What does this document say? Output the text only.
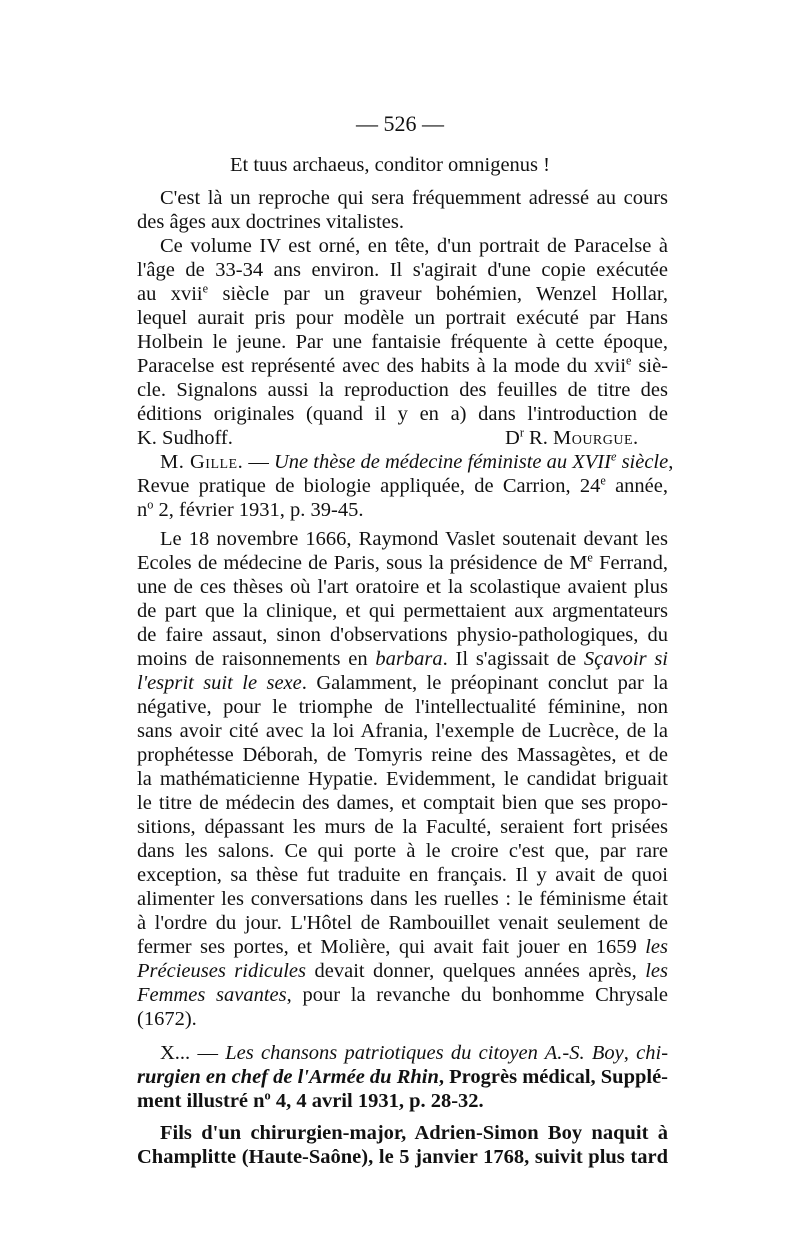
— 526 —
Et tuus archaeus, conditor omnigenus !
C'est là un reproche qui sera fréquemment adressé au cours
des âges aux doctrines vitalistes.
Ce volume IV est orné, en tête, d'un portrait de Paracelse à
l'âge de 33-34 ans environ. Il s'agirait d'une copie exécutée
au xvii$^e$ siècle par un graveur bohémien, Wenzel Hollar,
lequel aurait pris pour modèle un portrait exécuté par Hans
Holbein le jeune. Par une fantaisie fréquente à cette époque,
Paracelse est représenté avec des habits à la mode du xvii$^e$ siè-
cle. Signalons aussi la reproduction des feuilles de titre des
éditions originales (quand il y en a) dans l'introduction de
K. Sudhoff.	$D^r$ R. Mourgue.
M. Gille. — Une thèse de médecine féministe au XVIIe siècle,
Revue pratique de biologie appliquée, de Carrion, 24e année,
$n^o$ 2, février 1931, p. 39-45.
Le 18 novembre 1666, Raymond Vaslet soutenait devant les
Ecoles de médecine de Paris, sous la présidence de Me Ferrand,
une de ces thèses où l'art oratoire et la scolastique avaient plus
de part que la clinique, et qui permettaient aux argmentateurs
de faire assaut, sinon d'observations physio-pathologiques, du
moins de raisonnements en barbara. Il s'agissait de Sçavoir si
l'esprit suit le sexe. Galamment, le préopinant conclut par la
négative, pour le triomphe de l'intellectualité féminine, non
sans avoir cité avec la loi Afrania, l'exemple de Lucrèce, de la
prophétesse Déborah, de Tomyris reine des Massagètes, et de
la mathématicienne Hypatie. Evidemment, le candidat briguait
le titre de médecin des dames, et comptait bien que ses propo-
sitions, dépassant les murs de la Faculté, seraient fort prisées
dans les salons. Ce qui porte à le croire c'est que, par rare
exception, sa thèse fut traduite en français. Il y avait de quoi
alimenter les conversations dans les ruelles : le féminisme était
à l'ordre du jour. L'Hôtel de Rambouillet venait seulement de
fermer ses portes, et Molière, qui avait fait jouer en 1659 les
Précieuses ridicules devait donner, quelques années après, les
Femmes savantes, pour la revanche du bonhomme Chrysale
(1672).
X... — Les chansons patriotiques du citoyen A.-S. Boy, chi-
rurgien en chef de l'Armée du Rhin, Progrès médical, Supplé-
ment illustré $n^o$ 4, 4 avril 1931, p. 28-32.
Fils d'un chirurgien-major, Adrien-Simon Boy naquit à
Champlitte (Haute-Saône), le 5 janvier 1768, suivit plus tard
